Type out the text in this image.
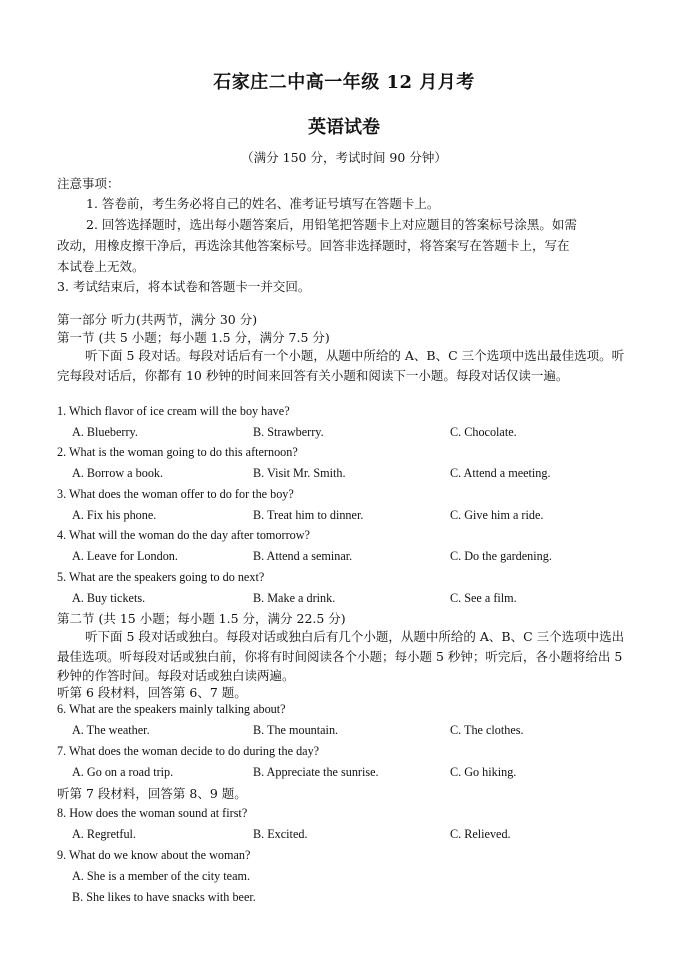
石家庄二中高一年级 12 月月考
英语试卷
（满分 150 分，考试时间 90 分钟）
注意事项：
1. 答卷前，考生务必将自己的姓名、准考证号填写在答题卡上。
2. 回答选择题时，选出每小题答案后，用铅笔把答题卡上对应题目的答案标号涂黑。如需
改动，用橡皮擦干净后，再选涂其他答案标号。回答非选择题时，将答案写在答题卡上，写在
本试卷上无效。
3. 考试结束后，将本试卷和答题卡一并交回。
第一部分 听力(共两节，满分 30 分)
第一节 (共 5 小题；每小题 1.5 分，满分 7.5 分)
听下面 5 段对话。每段对话后有一个小题，从题中所给的 A、B、C 三个选项中选出最佳选项。听完每段对话后，你都有 10 秒钟的时间来回答有关小题和阅读下一小题。每段对话仅读一遍。
1. Which flavor of ice cream will the boy have?
A. Blueberry.	B. Strawberry.	C. Chocolate.
2. What is the woman going to do this afternoon?
A. Borrow a book.	B. Visit Mr. Smith.	C. Attend a meeting.
3. What does the woman offer to do for the boy?
A. Fix his phone.	B. Treat him to dinner.	C. Give him a ride.
4. What will the woman do the day after tomorrow?
A. Leave for London.	B. Attend a seminar.	C. Do the gardening.
5. What are the speakers going to do next?
A. Buy tickets.	B. Make a drink.	C. See a film.
第二节 (共 15 小题；每小题 1.5 分，满分 22.5 分)
听下面 5 段对话或独白。每段对话或独白后有几个小题，从题中所给的 A、B、C 三个选项中选出最佳选项。听每段对话或独白前，你将有时间阅读各个小题；每小题 5 秒钟；听完后，各小题将给出 5 秒钟的作答时间。每段对话或独白读两遍。
听第 6 段材料，回答第 6、7 题。
6. What are the speakers mainly talking about?
A. The weather.	B. The mountain.	C. The clothes.
7. What does the woman decide to do during the day?
A. Go on a road trip.	B. Appreciate the sunrise.	C. Go hiking.
听第 7 段材料，回答第 8、9 题。
8. How does the woman sound at first?
A. Regretful.	B. Excited.	C. Relieved.
9. What do we know about the woman?
A. She is a member of the city team.
B. She likes to have snacks with beer.
